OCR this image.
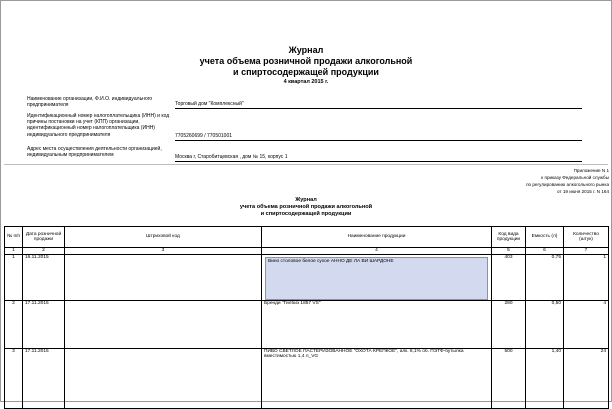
Журнал
учета объема розничной продажи алкогольной
и спиртосодержащей продукции
4 квартал 2015 г.
Наименование организации, Ф.И.О. индивидуального предпринимателя	Торговый дом "Комплексный"
Идентификационный номер налогоплательщика (ИНН) и код причины постановки на учет (КПП) организации, идентификационный номер налогоплательщика (ИНН) индивидуального предпринимателя	7705260699 / 770501001
Адрес места осуществления деятельности организацией, индивидуальным предпринимателем	Москва г, Старобитцевская , дом № 15, корпус 1
Приложение N 1
к приказу Федеральной службы
по регулированию алкогольного рынка
от 19 июня 2015 г. N 164
Журнал
учета объема розничной продажи алкогольной
и спиртосодержащей продукции
№ п/п	Дата розничной продажи	Штриховой код	Наименование продукции	Код вида продукции	Емкость (л)	Количество (штук)
1	2	3	4	5	6	7
1	16.11.2015		Вино столовое белое сухое АННО ДЕ ЛА ВИ ШАРДОНЕ	403	0,75	1
2	17.11.2015		Бренди "Гилбиз 1857 VS"	280	0,50	4
3	17.11.2015		ПИВО СВЕТЛОЕ ПАСТЕРИЗОВАННОЕ "ОХОТА КРЕПКОЕ", алк. 8,1% об. ПЭТФ-бутылка вместимостью 1,4 л_VG	500	1,40	24
